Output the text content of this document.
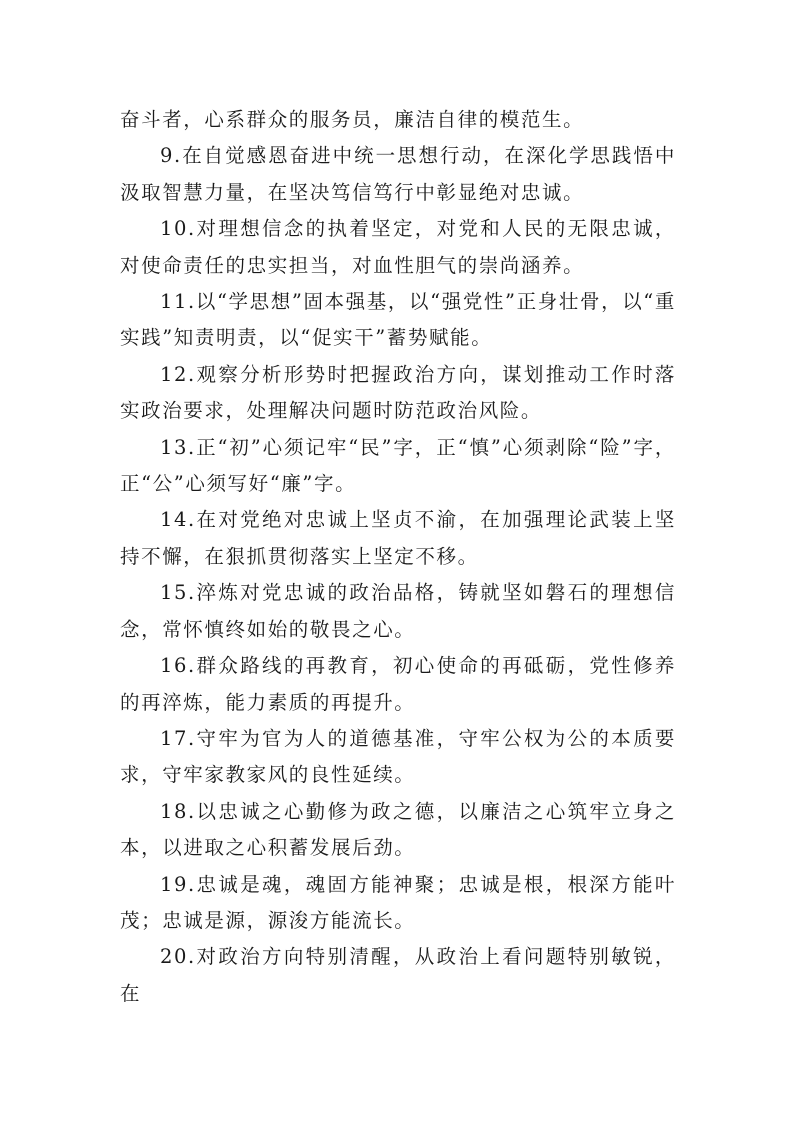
奋斗者，心系群众的服务员，廉洁自律的模范生。

9.在自觉感恩奋进中统一思想行动，在深化学思践悟中汲取智慧力量，在坚决笃信笃行中彰显绝对忠诚。

10.对理想信念的执着坚定，对党和人民的无限忠诚，对使命责任的忠实担当，对血性胆气的崇尚涵养。

11.以“学思想”固本强基，以“强党性”正身壮骨，以“重实践”知责明责，以“促实干”蓄势赋能。

12.观察分析形势时把握政治方向，谋划推动工作时落实政治要求，处理解决问题时防范政治风险。

13.正“初”心须记牢“民”字，正“慎”心须剥除“险”字，正“公”心须写好“廉”字。

14.在对党绝对忠诚上坚贞不渝，在加强理论武装上坚持不懈，在狠抓贯彻落实上坚定不移。

15.淬炼对党忠诚的政治品格，铸就坚如磐石的理想信念，常怀慎终如始的敬畏之心。

16.群众路线的再教育，初心使命的再砥砺，党性修养的再淬炼，能力素质的再提升。

17.守牢为官为人的道德基准，守牢公权为公的本质要求，守牢家教家风的良性延续。

18.以忠诚之心勤修为政之德，以廉洁之心筑牢立身之本，以进取之心积蓄发展后劲。

19.忠诚是魂，魂固方能神聚；忠诚是根，根深方能叶茂；忠诚是源，源浚方能流长。

20.对政治方向特别清醒，从政治上看问题特别敏锐，在
